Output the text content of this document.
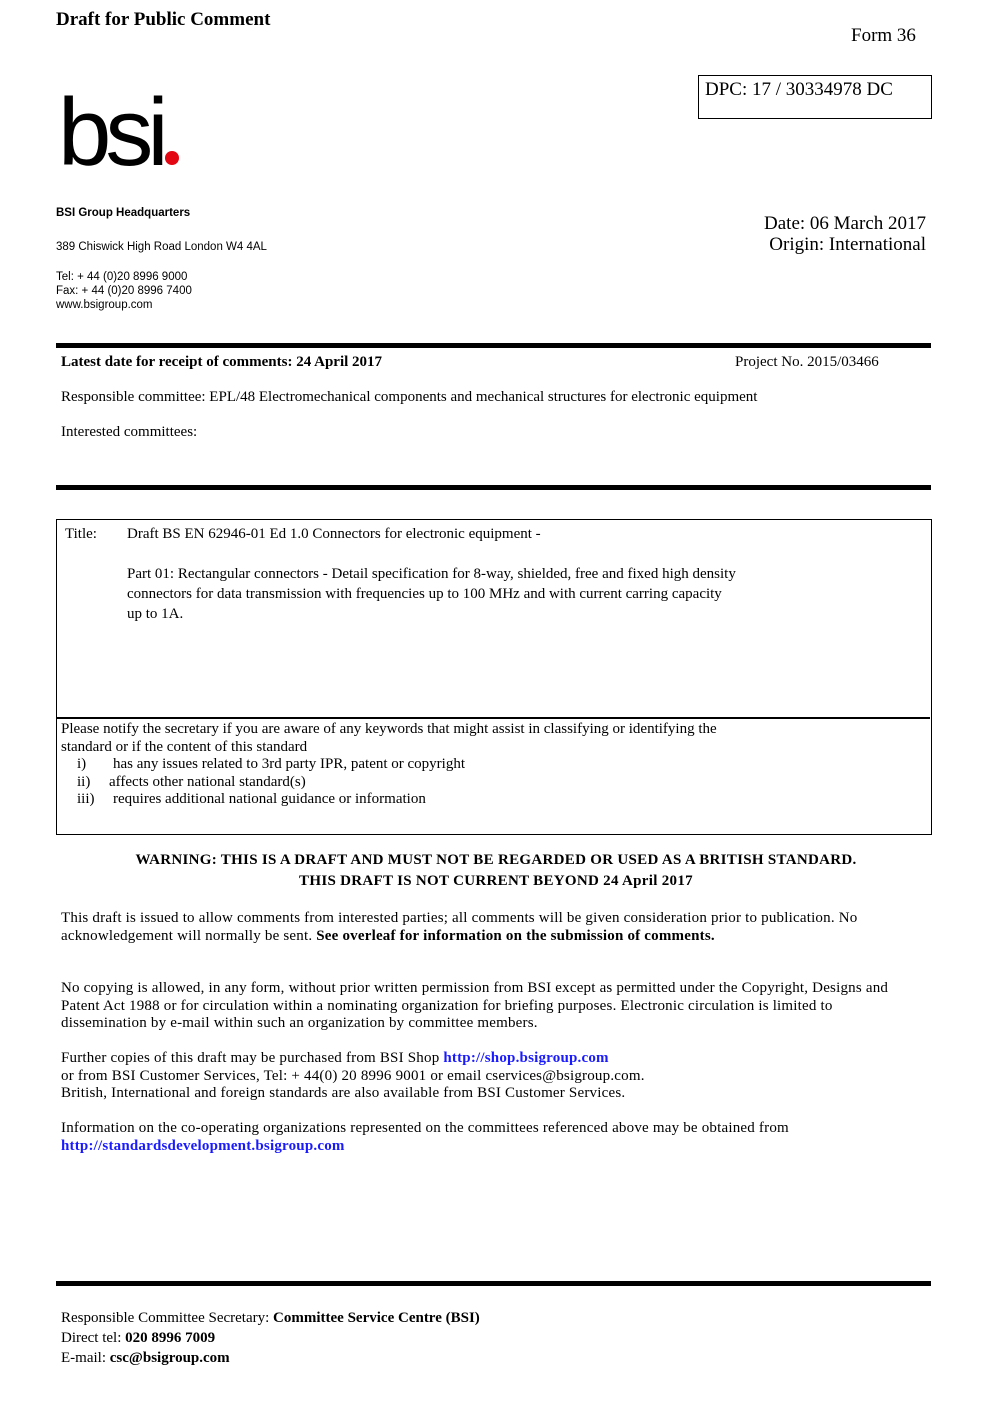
Draft for Public Comment
Form 36
DPC: 17 / 30334978 DC
bsi
BSI Group Headquarters
389 Chiswick High Road London W4 4AL
Tel: + 44 (0)20 8996 9000
Fax: + 44 (0)20 8996 7400
www.bsigroup.com
Date: 06 March 2017
Origin: International
Latest date for receipt of comments: 24 April 2017	Project No. 2015/03466
Responsible committee: EPL/48 Electromechanical components and mechanical structures for electronic equipment
Interested committees:
Title: Draft BS EN 62946-01 Ed 1.0 Connectors for electronic equipment -
Part 01: Rectangular connectors - Detail specification for 8-way, shielded, free and fixed high density
connectors for data transmission with frequencies up to 100 MHz and with current carring capacity
up to 1A.
Please notify the secretary if you are aware of any keywords that might assist in classifying or identifying the
standard or if the content of this standard
i) has any issues related to 3rd party IPR, patent or copyright
ii) affects other national standard(s)
iii) requires additional national guidance or information
WARNING: THIS IS A DRAFT AND MUST NOT BE REGARDED OR USED AS A BRITISH STANDARD.
THIS DRAFT IS NOT CURRENT BEYOND 24 April 2017
This draft is issued to allow comments from interested parties; all comments will be given consideration prior to publication. No acknowledgement will normally be sent. See overleaf for information on the submission of comments.
No copying is allowed, in any form, without prior written permission from BSI except as permitted under the Copyright, Designs and Patent Act 1988 or for circulation within a nominating organization for briefing purposes. Electronic circulation is limited to dissemination by e-mail within such an organization by committee members.
Further copies of this draft may be purchased from BSI Shop http://shop.bsigroup.com
or from BSI Customer Services, Tel: + 44(0) 20 8996 9001 or email cservices@bsigroup.com.
British, International and foreign standards are also available from BSI Customer Services.
Information on the co-operating organizations represented on the committees referenced above may be obtained from
http://standardsdevelopment.bsigroup.com
Responsible Committee Secretary: Committee Service Centre (BSI)
Direct tel: 020 8996 7009
E-mail: csc@bsigroup.com
